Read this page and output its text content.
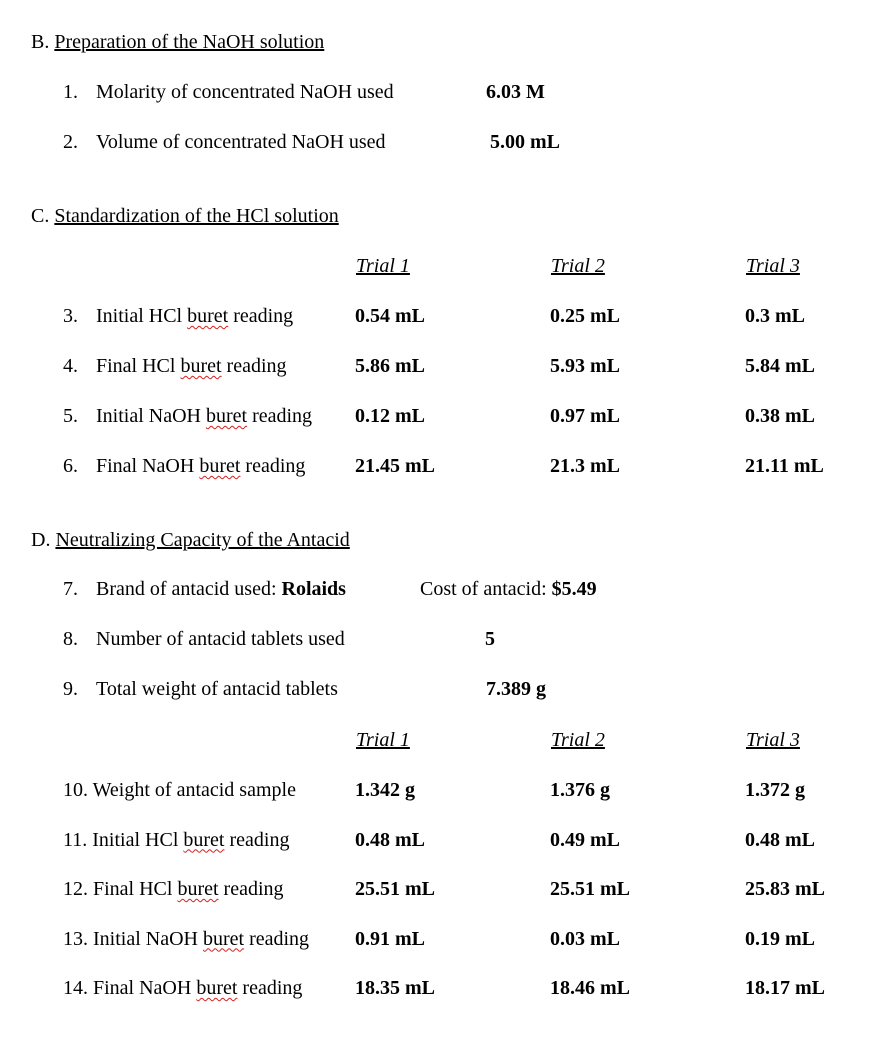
B. Preparation of the NaOH solution
1. Molarity of concentrated NaOH used	6.03 M
2. Volume of concentrated NaOH used	5.00 mL
C. Standardization of the HCl solution
Trial 1	Trial 2	Trial 3
3. Initial HCl buret reading	0.54 mL	0.25 mL	0.3 mL
4. Final HCl buret reading	5.86 mL	5.93 mL	5.84 mL
5. Initial NaOH buret reading 0.12 mL	0.97 mL	0.38 mL
6. Final NaOH buret reading 21.45 mL	21.3 mL	21.11 mL
D. Neutralizing Capacity of the Antacid
7. Brand of antacid used: Rolaids	Cost of antacid: $5.49
8. Number of antacid tablets used	5
9. Total weight of antacid tablets	7.389 g
Trial 1	Trial 2	Trial 3
10. Weight of antacid sample	1.342 g	1.376 g	1.372 g
11. Initial HCl buret reading	0.48 mL	0.49 mL	0.48 mL
12. Final HCl buret reading	25.51 mL	25.51 mL	25.83 mL
13. Initial NaOH buret reading 0.91 mL	0.03 mL	0.19 mL
14. Final NaOH buret reading	18.35 mL	18.46 mL	18.17 mL
